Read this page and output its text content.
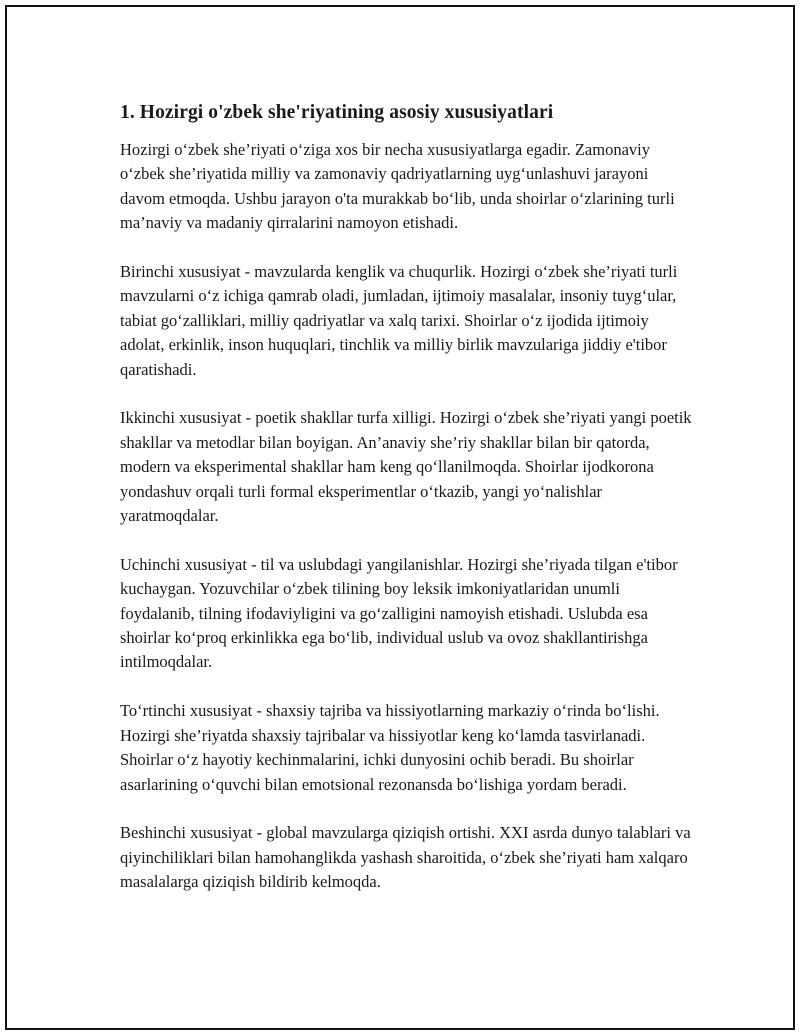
1. Hozirgi o'zbek she'riyatining asosiy xususiyatlari

Hozirgi o‘zbek she’riyati o‘ziga xos bir necha xususiyatlarga egadir. Zamonaviy o‘zbek she’riyatida milliy va zamonaviy qadriyatlarning uyg‘unlashuvi jarayoni davom etmoqda. Ushbu jarayon o'ta murakkab bo‘lib, unda shoirlar o‘zlarining turli ma’naviy va madaniy qirralarini namoyon etishadi.

Birinchi xususiyat - mavzularda kenglik va chuqurlik. Hozirgi o‘zbek she’riyati turli mavzularni o‘z ichiga qamrab oladi, jumladan, ijtimoiy masalalar, insoniy tuyg‘ular, tabiat go‘zalliklari, milliy qadriyatlar va xalq tarixi. Shoirlar o‘z ijodida ijtimoiy adolat, erkinlik, inson huquqlari, tinchlik va milliy birlik mavzulariga jiddiy e'tibor qaratishadi.

Ikkinchi xususiyat - poetik shakllar turfa xilligi. Hozirgi o‘zbek she’riyati yangi poetik shakllar va metodlar bilan boyigan. An’anaviy she’riy shakllar bilan bir qatorda, modern va eksperimental shakllar ham keng qo‘llanilmoqda. Shoirlar ijodkorona yondashuv orqali turli formal eksperimentlar o‘tkazib, yangi yo‘nalishlar yaratmoqdalar.

Uchinchi xususiyat - til va uslubdagi yangilanishlar. Hozirgi she’riyada tilgan e'tibor kuchaygan. Yozuvchilar o‘zbek tilining boy leksik imkoniyatlaridan unumli foydalanib, tilning ifodaviyligini va go‘zalligini namoyish etishadi. Uslubda esa shoirlar ko‘proq erkinlikka ega bo‘lib, individual uslub va ovoz shakllantirishga intilmoqdalar.

To‘rtinchi xususiyat - shaxsiy tajriba va hissiyotlarning markaziy o‘rinda bo‘lishi. Hozirgi she’riyatda shaxsiy tajribalar va hissiyotlar keng ko‘lamda tasvirlanadi. Shoirlar o‘z hayotiy kechinmalarini, ichki dunyosini ochib beradi. Bu shoirlar asarlarining o‘quvchi bilan emotsional rezonansda bo‘lishiga yordam beradi.

Beshinchi xususiyat - global mavzularga qiziqish ortishi. XXI asrda dunyo talablari va qiyinchiliklari bilan hamohanglikda yashash sharoitida, o‘zbek she’riyati ham xalqaro masalalarga qiziqish bildirib kelmoqda.
